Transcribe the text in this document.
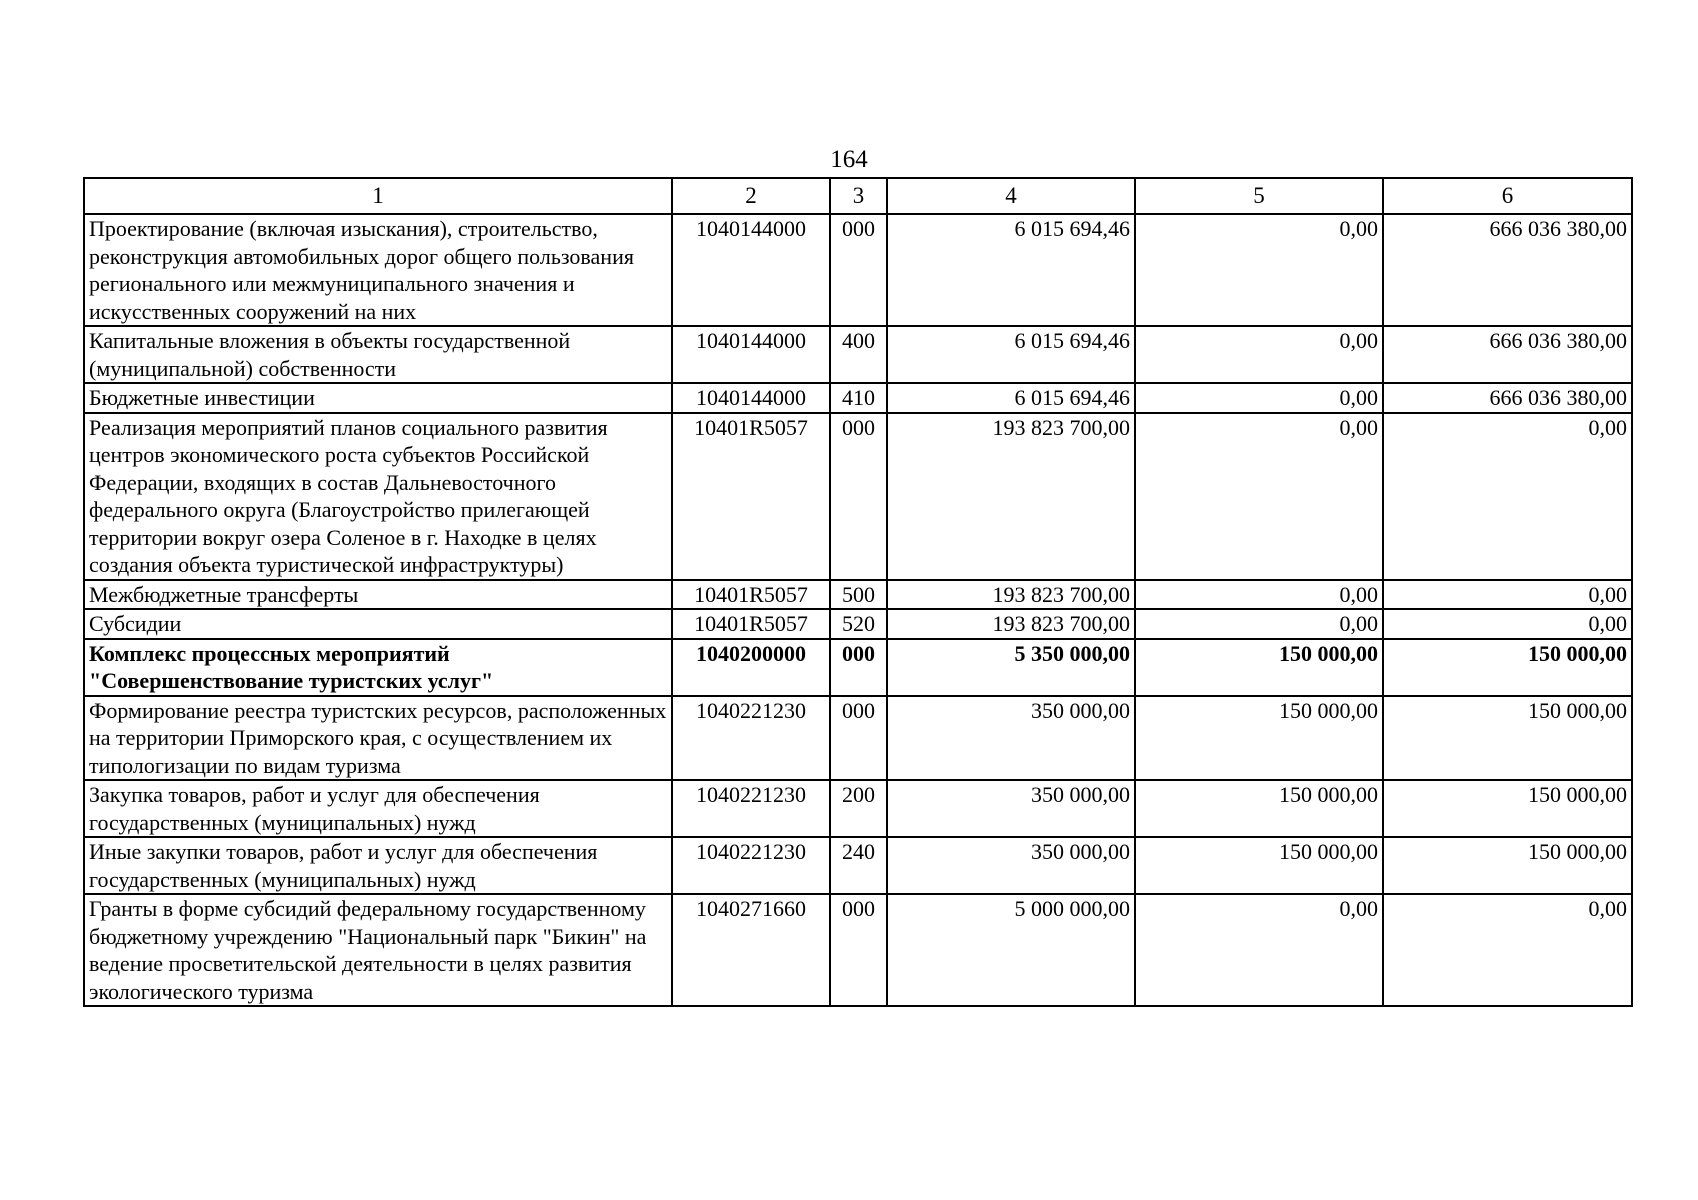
164
1	2	3	4	5	6
Проектирование (включая изыскания), строительство, реконструкция автомобильных дорог общего пользования регионального или межмуниципального значения и искусственных сооружений на них	1040144000	000	6 015 694,46	0,00	666 036 380,00
Капитальные вложения в объекты государственной (муниципальной) собственности	1040144000	400	6 015 694,46	0,00	666 036 380,00
Бюджетные инвестиции	1040144000	410	6 015 694,46	0,00	666 036 380,00
Реализация мероприятий планов социального развития центров экономического роста субъектов Российской Федерации, входящих в состав Дальневосточного федерального округа (Благоустройство прилегающей территории вокруг озера Соленое в г. Находке в целях создания объекта туристической инфраструктуры)	10401R5057	000	193 823 700,00	0,00	0,00
Межбюджетные трансферты	10401R5057	500	193 823 700,00	0,00	0,00
Субсидии	10401R5057	520	193 823 700,00	0,00	0,00
Комплекс процессных мероприятий "Совершенствование туристских услуг"	1040200000	000	5 350 000,00	150 000,00	150 000,00
Формирование реестра туристских ресурсов, расположенных на территории Приморского края, с осуществлением их типологизации по видам туризма	1040221230	000	350 000,00	150 000,00	150 000,00
Закупка товаров, работ и услуг для обеспечения государственных (муниципальных) нужд	1040221230	200	350 000,00	150 000,00	150 000,00
Иные закупки товаров, работ и услуг для обеспечения государственных (муниципальных) нужд	1040221230	240	350 000,00	150 000,00	150 000,00
Гранты в форме субсидий федеральному государственному бюджетному учреждению "Национальный парк "Бикин" на ведение просветительской деятельности в целях развития экологического туризма	1040271660	000	5 000 000,00	0,00	0,00
